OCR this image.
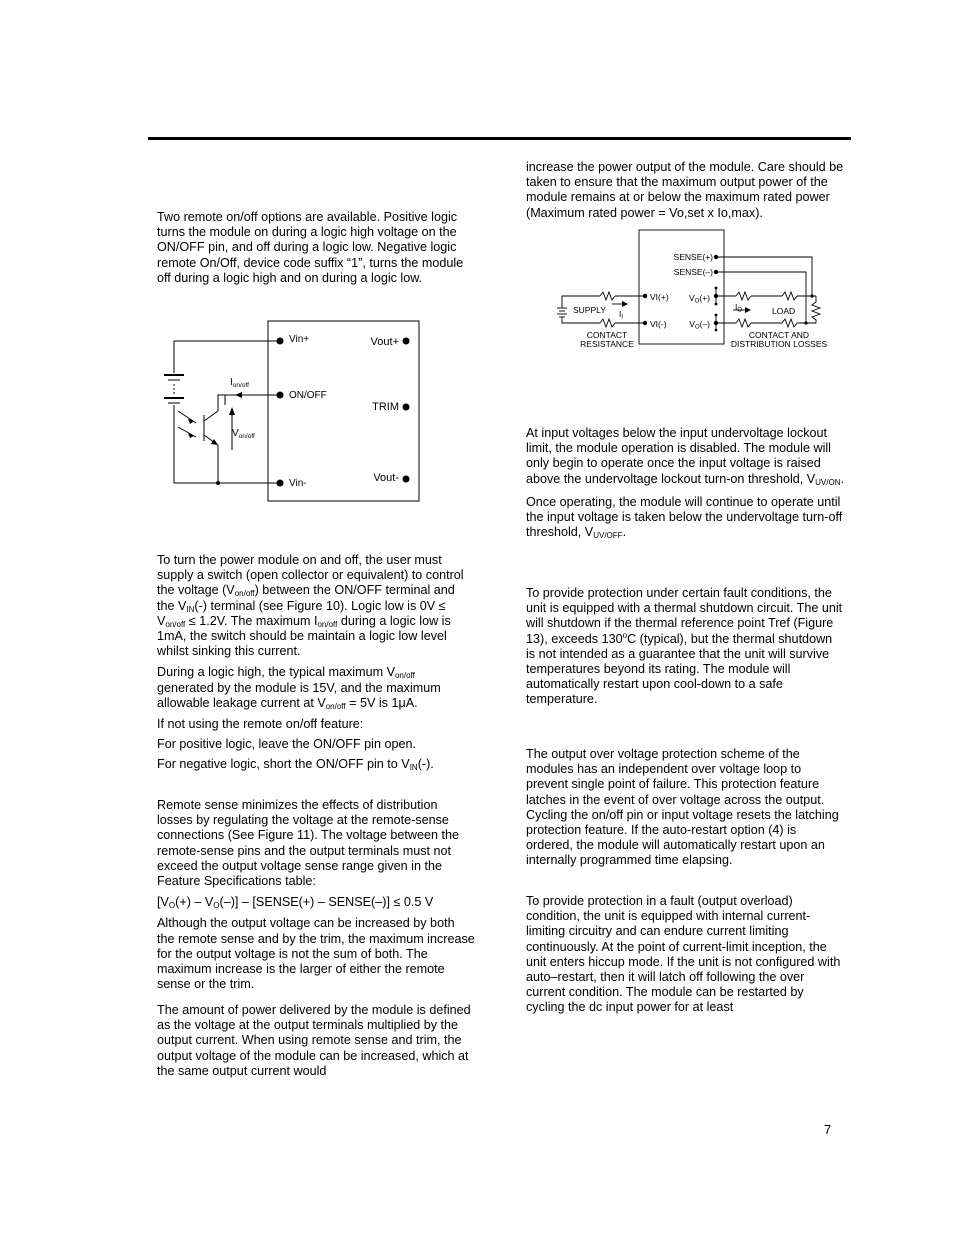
Two remote on/off options are available. Positive logic turns the module on during a logic high voltage on the ON/OFF pin, and off during a logic low. Negative logic remote On/Off, device code suffix “1”, turns the module off during a logic high and on during a logic low.

Vin+
ON/OFF
Vin-
Vout+
TRIM
Vout-
$I_{on/off}$
$V_{on/off}$

To turn the power module on and off, the user must supply a switch (open collector or equivalent) to control the voltage $(V_{on/off})$ between the ON/OFF terminal and the $V_{IN}(-)$ terminal (see Figure 10). Logic low is $0V \le V_{on/off} \le 1.2V$. The maximum $I_{on/off}$ during a logic low is 1mA, the switch should be maintain a logic low level whilst sinking this current.

During a logic high, the typical maximum $V_{on/off}$ generated by the module is 15V, and the maximum allowable leakage current at $V_{on/off} = 5V$ is 1μA.

If not using the remote on/off feature:

For positive logic, leave the ON/OFF pin open.

For negative logic, short the ON/OFF pin to $V_{IN}(-)$.

Remote sense minimizes the effects of distribution losses by regulating the voltage at the remote-sense connections (See Figure 11). The voltage between the remote-sense pins and the output terminals must not exceed the output voltage sense range given in the Feature Specifications table:

$[V_O(+) - V_O(-)]$ – [SENSE(+) – SENSE(–)] ≤ 0.5 V

Although the output voltage can be increased by both the remote sense and by the trim, the maximum increase for the output voltage is not the sum of both. The maximum increase is the larger of either the remote sense or the trim.

The amount of power delivered by the module is defined as the voltage at the output terminals multiplied by the output current. When using remote sense and trim, the output voltage of the module can be increased, which at the same output current would

increase the power output of the module. Care should be taken to ensure that the maximum output power of the module remains at or below the maximum rated power (Maximum rated power = Vo,set x Io,max).

SENSE(+)
SENSE(–)
SUPPLY II
VI(+)
VI(-)
VO(+)
VO(–)
IO	LOAD
CONTACT
RESISTANCE
CONTACT AND
DISTRIBUTION LOSSES

At input voltages below the input undervoltage lockout limit, the module operation is disabled. The module will only begin to operate once the input voltage is raised above the undervoltage lockout turn-on threshold, $V_{UV/ON}$.

Once operating, the module will continue to operate until the input voltage is taken below the undervoltage turn-off threshold, $V_{UV/OFF}$.

To provide protection under certain fault conditions, the unit is equipped with a thermal shutdown circuit. The unit will shutdown if the thermal reference point Tref (Figure 13), exceeds 130$^o$C (typical), but the thermal shutdown is not intended as a guarantee that the unit will survive temperatures beyond its rating. The module will automatically restart upon cool-down to a safe temperature.

The output over voltage protection scheme of the modules has an independent over voltage loop to prevent single point of failure. This protection feature latches in the event of over voltage across the output. Cycling the on/off pin or input voltage resets the latching protection feature. If the auto-restart option (4) is ordered, the module will automatically restart upon an internally programmed time elapsing.

To provide protection in a fault (output overload) condition, the unit is equipped with internal current-limiting circuitry and can endure current limiting continuously. At the point of current-limit inception, the unit enters hiccup mode. If the unit is not configured with auto–restart, then it will latch off following the over current condition. The module can be restarted by cycling the dc input power for at least

7
